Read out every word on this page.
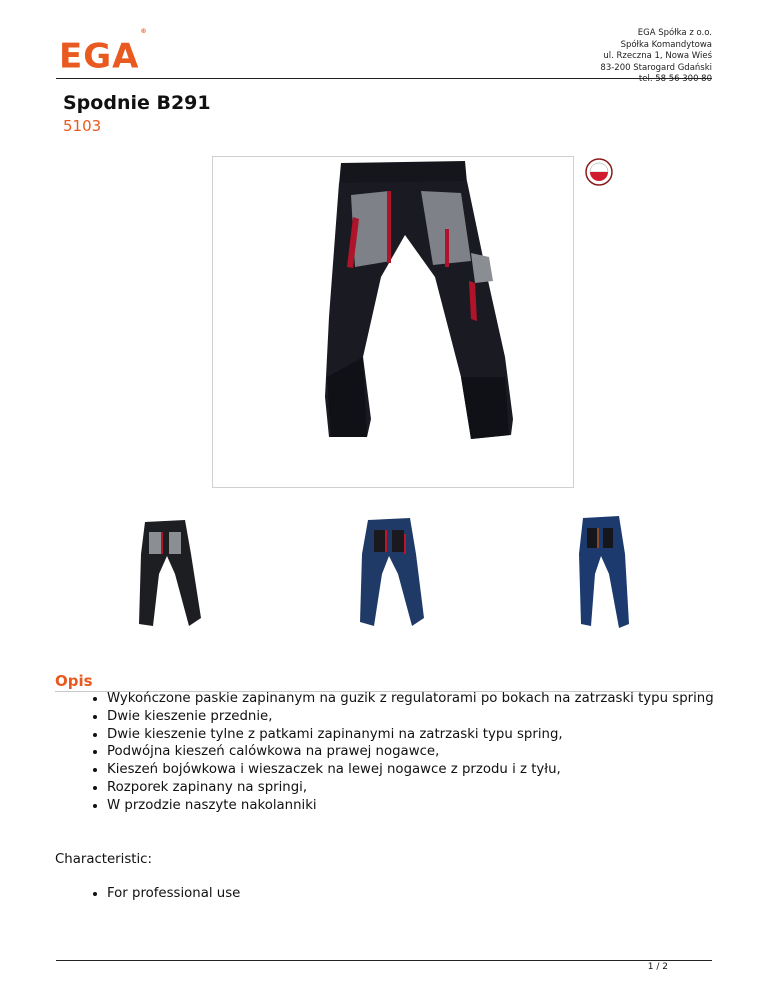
EGA®	EGA Spółka z o.o.
Spółka Komandytowa
ul. Rzeczna 1, Nowa Wieś
83-200 Starogard Gdański
tel. 58 56 300 80
Spodnie B291
5103
Opis
• Wykończone paskie zapinanym na guzik z regulatorami po bokach na zatrzaski typu spring
• Dwie kieszenie przednie,
• Dwie kieszenie tylne z patkami zapinanymi na zatrzaski typu spring,
• Podwójna kieszeń calówkowa na prawej nogawce,
• Kieszeń bojówkowa i wieszaczek na lewej nogawce z przodu i z tyłu,
• Rozporek zapinany na springi,
• W przodzie naszyte nakolanniki
Characteristic:
• For professional use
1 / 2
